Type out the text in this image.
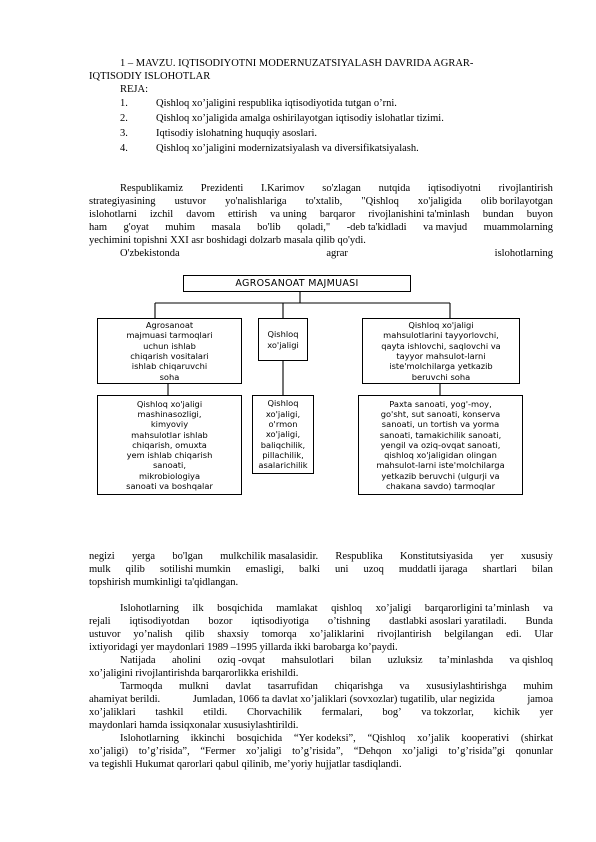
1 – MAVZU. IQTISODIYOTNI MODERNUZATSIYALASH DAVRIDA AGRAR-
IQTISODIY ISLOHOTLAR
REJA:
1.	Qishloq xo’jaligini respublika iqtisodiyotida tutgan o’rni.
2.	Qishloq xo’jaligida amalga oshirilayotgan iqtisodiy islohatlar tizimi.
3.	Iqtisodiy islohatning huquqiy asoslari.
4.	Qishloq xo’jaligini modernizatsiyalash va diversifikatsiyalash.
Respublikamiz Prezidenti I.Karimov so'zlagan nutqida iqtisodiyotni rivojlantirish
strategiyasining ustuvor yo'nalishlariga to'xtalib, "Qishloq xo'jaligida olib borilayotgan
islohotlarni izchil davom ettirish va uning barqaror rivojlanishini ta'minlash bundan buyon
ham g'oyat muhim masala bo'lib qoladi," -deb ta'kidladi va mavjud muammolarning
yechimini topishni XXI asr boshidagi dolzarb masala qilib qo'ydi.
O'zbekistonda	agrar	islohotlarning
AGROSANOAT MAJMUASI
Agrosanoat
majmuasi tarmoqlari
uchun ishlab
chiqarish vositalari
ishlab chiqaruvchi
soha
Qishloq
xo'jaligi
Qishloq xo'jaligi
mahsulotlarini tayyorlovchi,
qayta ishlovchi, saqlovchi va
tayyor mahsulot-larni
iste'molchilarga yetkazib
beruvchi soha
Qishloq xo'jaligi
mashinasozligi,
kimyoviy
mahsulotlar ishlab
chiqarish, omuxta
yem ishlab chiqarish
sanoati,
mikrobiologiya
sanoati va boshqalar
Qishloq
xo'jaligi,
o'rmon
xo'jaligi,
baliqchilik,
pillachilik,
asalarichilik
Paxta sanoati, yog'-moy,
go'sht, sut sanoati, konserva
sanoati, un tortish va yorma
sanoati, tamakichilik sanoati,
yengil va oziq-ovqat sanoati,
qishloq xo'jaligidan olingan
mahsulot-larni iste'molchilarga
yetkazib beruvchi (ulgurji va
chakana savdo) tarmoqlar
negizi yerga bo'lgan mulkchilik masalasidir. Respublika Konstitutsiyasida yer xususiy
mulk qilib sotilishi mumkin emasligi, balki uni uzoq muddatli ijaraga shartlari bilan
topshirish mumkinligi ta'qidlangan.
Islohotlarning ilk bosqichida mamlakat qishloq xo’jaligi barqarorligini ta’minlash va
rejali iqtisodiyotdan bozor iqtisodiyotiga o’tishning dastlabki asoslari yaratiladi. Bunda
ustuvor yo’nalish qilib shaxsiy tomorqa xo’jaliklarini rivojlantirish belgilangan edi. Ular
ixtiyoridagi yer maydonlari 1989 –1995 yillarda ikki barobarga ko’paydi.
Natijada aholini oziq -ovqat mahsulotlari bilan uzluksiz ta’minlashda va qishloq
xo’jaligini rivojlantirishda barqarorlikka erishildi.
Tarmoqda mulkni davlat tasarrufidan chiqarishga va xususiylashtirishga muhim
ahamiyat berildi.	Jumladan, 1066 ta davlat xo’jaliklari (sovxozlar) tugatilib, ular negizida	jamoa
xo’jaliklari tashkil etildi. Chorvachilik fermalari, bog’ va tokzorlar, kichik yer
maydonlari hamda issiqxonalar xususiylashtirildi.
Islohotlarning ikkinchi bosqichida “Yer kodeksi”, “Qishloq xo’jalik kooperativi (shirkat
xo’jaligi) to’g’risida”, “Fermer xo’jaligi to’g’risida”, “Dehqon xo’jaligi to’g’risida”gi qonunlar
va tegishli Hukumat qarorlari qabul qilinib, me’yoriy hujjatlar tasdiqlandi.
